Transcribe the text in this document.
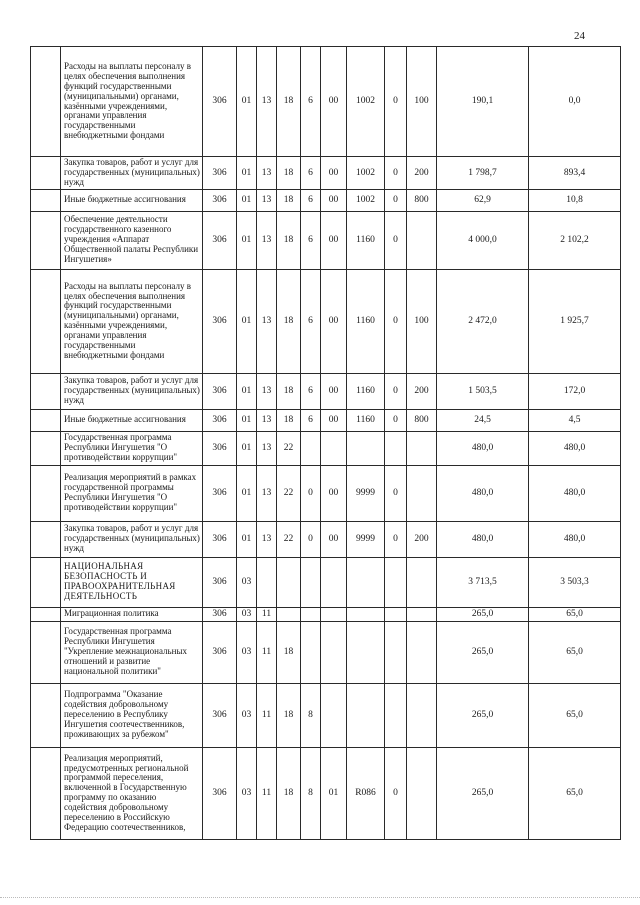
24
	Расходы на выплаты персоналу в целях обеспечения выполнения функций государственными (муниципальными) органами, казёнными учреждениями, органами управления государственными внебюджетными фондами	306	01	13	18	6	00	1002	0	100	190,1	0,0
	Закупка товаров, работ и услуг для государственных (муниципальных) нужд	306	01	13	18	6	00	1002	0	200	1 798,7	893,4
	Иные бюджетные ассигнования	306	01	13	18	6	00	1002	0	800	62,9	10,8
	Обеспечение деятельности государственного казенного учреждения «Аппарат Общественной палаты Республики Ингушетия»	306	01	13	18	6	00	1160	0		4 000,0	2 102,2
	Расходы на выплаты персоналу в целях обеспечения выполнения функций государственными (муниципальными) органами, казёнными учреждениями, органами управления государственными внебюджетными фондами	306	01	13	18	6	00	1160	0	100	2 472,0	1 925,7
	Закупка товаров, работ и услуг для государственных (муниципальных) нужд	306	01	13	18	6	00	1160	0	200	1 503,5	172,0
	Иные бюджетные ассигнования	306	01	13	18	6	00	1160	0	800	24,5	4,5
	Государственная программа Республики Ингушетия "О противодействии коррупции"	306	01	13	22						480,0	480,0
	Реализация мероприятий в рамках государственной программы Республики Ингушетия "О противодействии коррупции"	306	01	13	22	0	00	9999	0		480,0	480,0
	Закупка товаров, работ и услуг для государственных (муниципальных) нужд	306	01	13	22	0	00	9999	0	200	480,0	480,0
	НАЦИОНАЛЬНАЯ БЕЗОПАСНОСТЬ И ПРАВООХРАНИТЕЛЬНАЯ ДЕЯТЕЛЬНОСТЬ	306	03								3 713,5	3 503,3
	Миграционная политика	306	03	11							265,0	65,0
	Государственная программа Республики Ингушетия "Укрепление межнациональных отношений и развитие национальной политики"	306	03	11	18						265,0	65,0
	Подпрограмма "Оказание содействия добровольному переселению в Республику Ингушетия соотечественников, проживающих за рубежом"	306	03	11	18	8					265,0	65,0
	Реализация мероприятий, предусмотренных региональной программой переселения, включенной в Государственную программу по оказанию содействия добровольному переселению в Российскую Федерацию соотечественников,	306	03	11	18	8	01	R086	0		265,0	65,0
